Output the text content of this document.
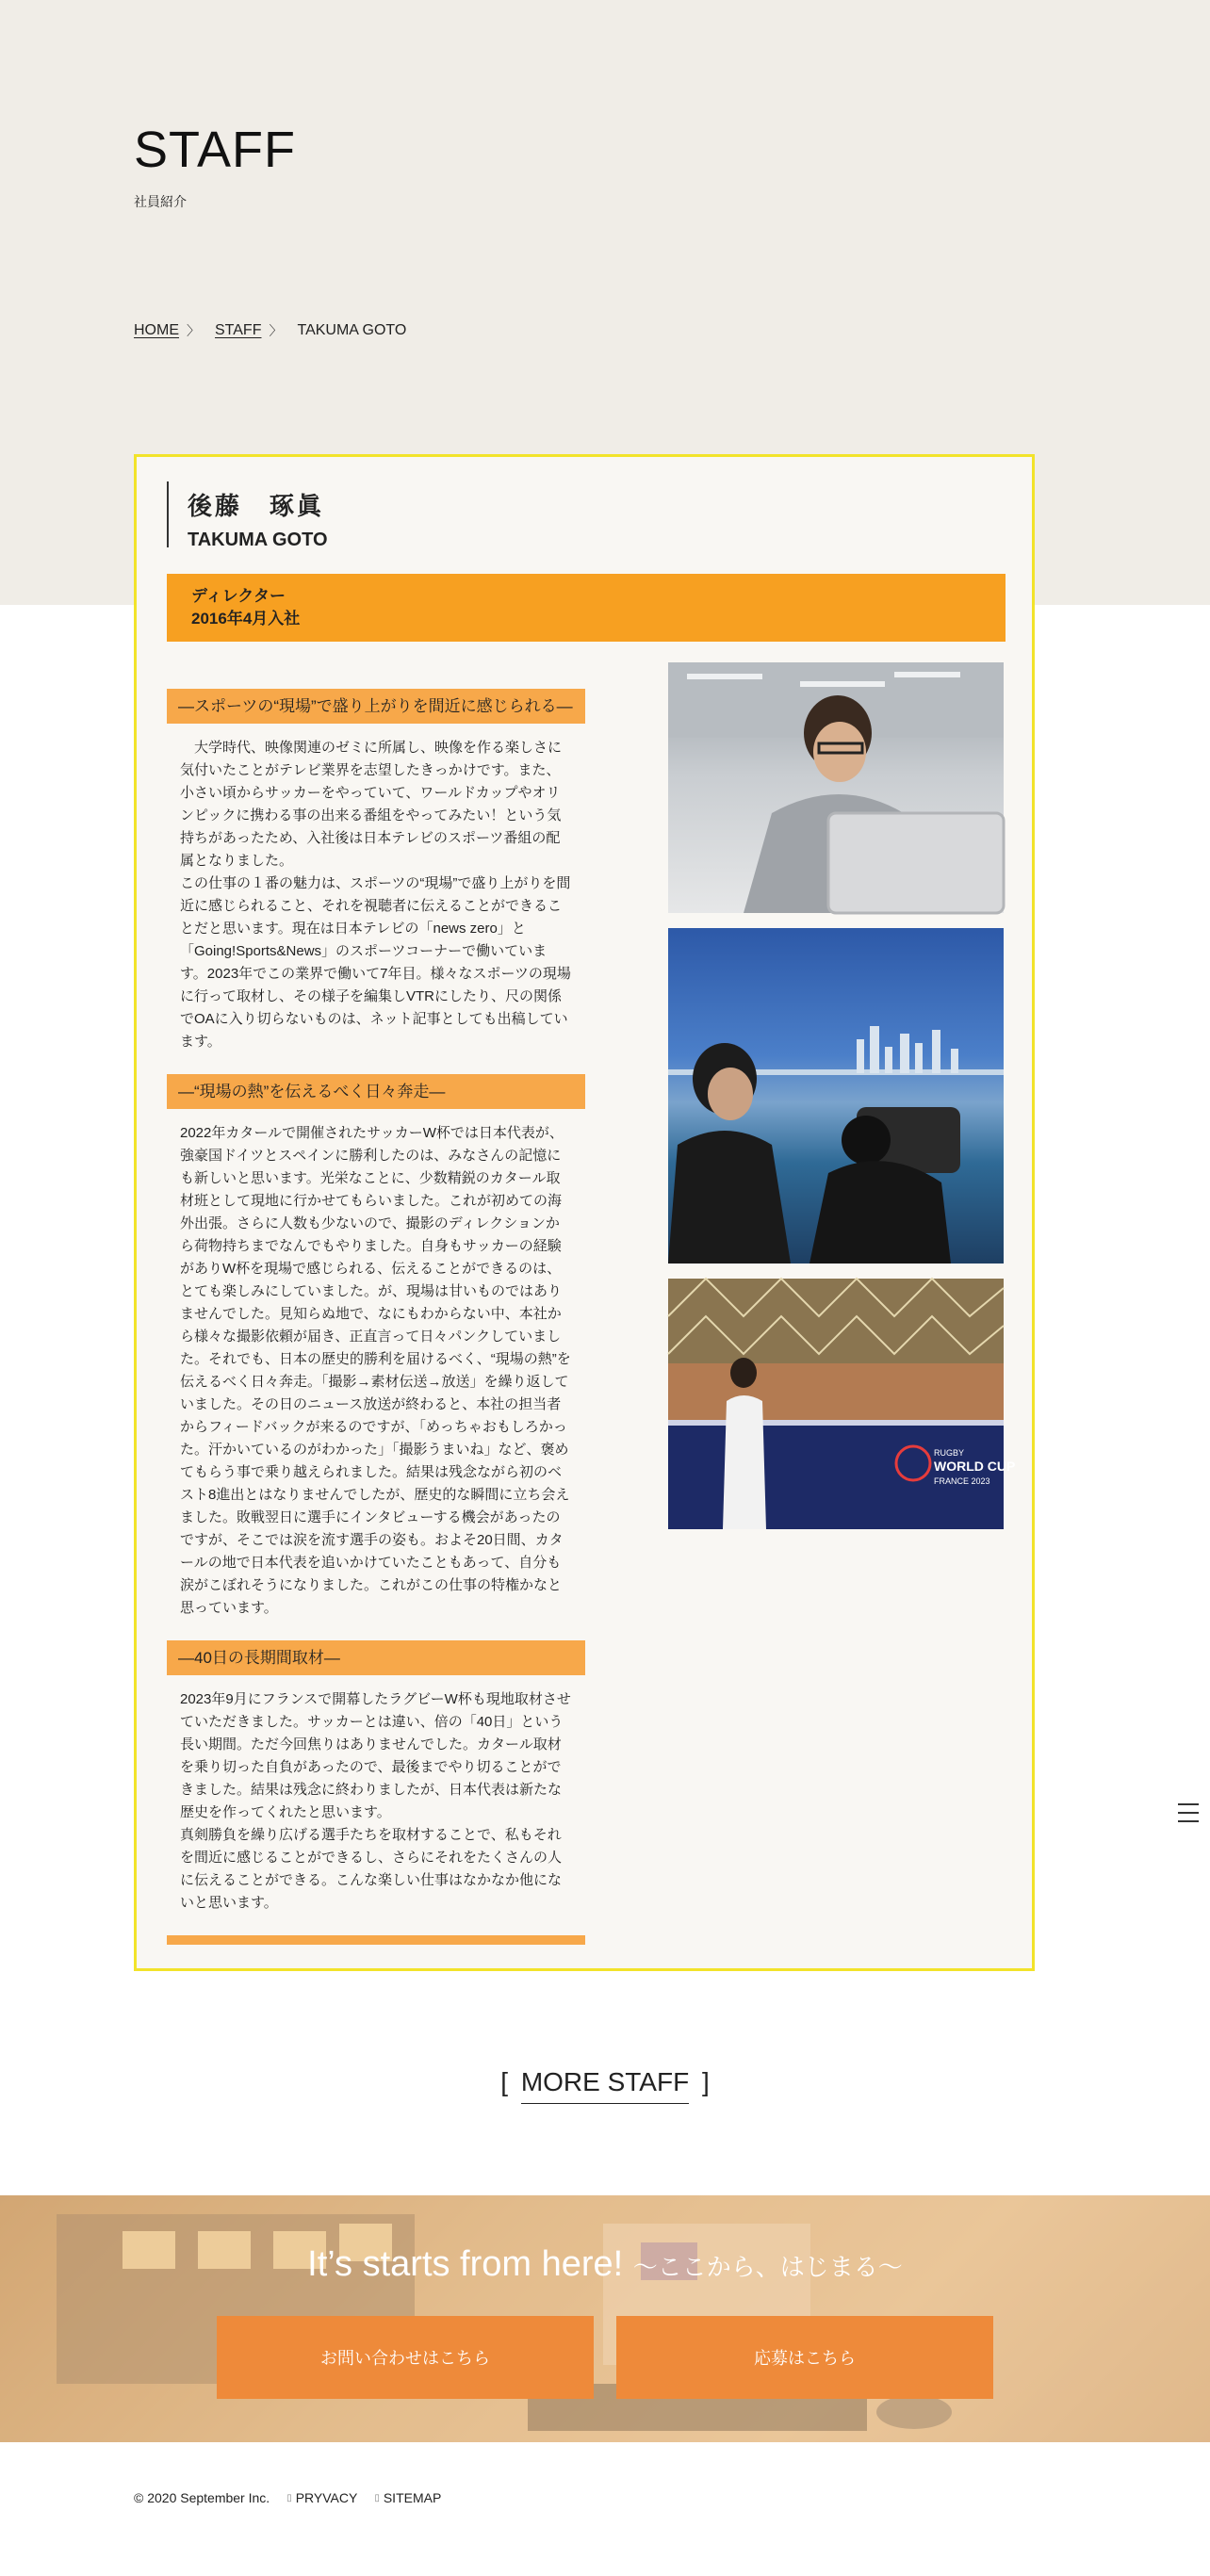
STAFF
社員紹介
HOME 〉 STAFF 〉 TAKUMA GOTO
後藤　琢眞
TAKUMA GOTO
ディレクター
2016年4月入社
―スポーツの“現場”で盛り上がりを間近に感じられる―
　大学時代、映像関連のゼミに所属し、映像を作る楽しさに気付いたことがテレビ業界を志望したきっかけです。また、小さい頃からサッカーをやっていて、ワールドカップやオリンピックに携わる事の出来る番組をやってみたい！という気持ちがあったため、入社後は日本テレビのスポーツ番組の配属となりました。
この仕事の１番の魅力は、スポーツの“現場”で盛り上がりを間近に感じられること、それを視聴者に伝えることができることだと思います。現在は日本テレビの「news zero」と「Going!Sports&News」のスポーツコーナーで働いています。2023年でこの業界で働いて7年目。様々なスポーツの現場に行って取材し、その様子を編集しVTRにしたり、尺の関係でOAに入り切らないものは、ネット記事としても出稿しています。
―“現場の熱”を伝えるべく日々奔走―
2022年カタールで開催されたサッカーW杯では日本代表が、強豪国ドイツとスペインに勝利したのは、みなさんの記憶にも新しいと思います。光栄なことに、少数精鋭のカタール取材班として現地に行かせてもらいました。これが初めての海外出張。さらに人数も少ないので、撮影のディレクションから荷物持ちまでなんでもやりました。自身もサッカーの経験がありW杯を現場で感じられる、伝えることができるのは、とても楽しみにしていました。が、現場は甘いものではありませんでした。見知らぬ地で、なにもわからない中、本社から様々な撮影依頼が届き、正直言って日々パンクしていました。それでも、日本の歴史的勝利を届けるべく、“現場の熱”を伝えるべく日々奔走。「撮影→素材伝送→放送」を繰り返していました。その日のニュース放送が終わると、本社の担当者からフィードバックが来るのですが、「めっちゃおもしろかった。汗かいているのがわかった」「撮影うまいね」など、褒めてもらう事で乗り越えられました。結果は残念ながら初のベスト8進出とはなりませんでしたが、歴史的な瞬間に立ち会えました。敗戦翌日に選手にインタビューする機会があったのですが、そこでは涙を流す選手の姿も。およそ20日間、カタールの地で日本代表を追いかけていたこともあって、自分も涙がこぼれそうになりました。これがこの仕事の特権かなと思っています。
―40日の長期間取材―
2023年9月にフランスで開幕したラグビーW杯も現地取材させていただきました。サッカーとは違い、倍の「40日」という長い期間。ただ今回焦りはありませんでした。カタール取材を乗り切った自負があったので、最後までやり切ることができました。結果は残念に終わりましたが、日本代表は新たな歴史を作ってくれたと思います。
真剣勝負を繰り広げる選手たちを取材することで、私もそれを間近に感じることができるし、さらにそれをたくさんの人に伝えることができる。こんな楽しい仕事はなかなか他にないと思います。
RUGBY
WORLD CUP
FRANCE 2023
[ MORE STAFF ]
It’s starts from here! ～ここから、はじまる～
お問い合わせはこちら	応募はこちら
© 2020 September Inc. ▯ PRYVACY ▯ SITEMAP
